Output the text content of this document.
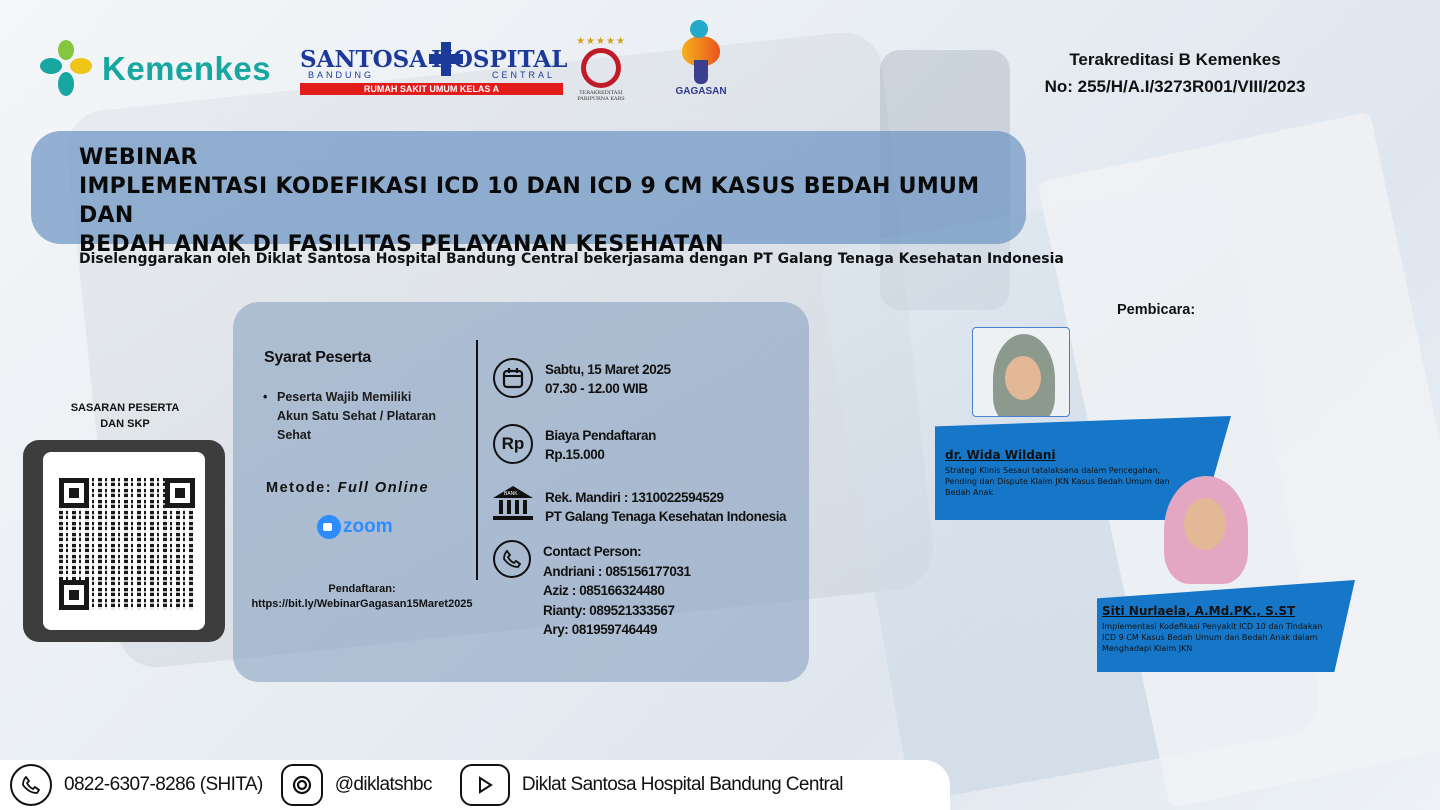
Kemenkes SANTOSA HOSPITAL
BANDUNG	CENTRAL
RUMAH SAKIT UMUM KELAS A
★★★★★
TERAKREDITASI PARIPURNA KARS
GAGASAN
Terakreditasi B Kemenkes
No: 255/H/A.I/3273R001/VIII/2023
WEBINAR
IMPLEMENTASI KODEFIKASI ICD 10 DAN ICD 9 CM KASUS BEDAH UMUM DAN
BEDAH ANAK DI FASILITAS PELAYANAN KESEHATAN
Diselenggarakan oleh Diklat Santosa Hospital Bandung Central bekerjasama dengan PT Galang Tenaga Kesehatan Indonesia
SASARAN PESERTA
DAN SKP
Syarat Peserta
• Peserta Wajib Memiliki Akun Satu Sehat / Plataran Sehat
Metode: Full Online
zoom
Pendaftaran:
https://bit.ly/WebinarGagasan15Maret2025
Sabtu, 15 Maret 2025
07.30 - 12.00 WIB
Rp	Biaya Pendaftaran
Rp.15.000
BANK Rek. Mandiri : 1310022594529
PT Galang Tenaga Kesehatan Indonesia
Contact Person:
Andriani : 085156177031
Aziz : 085166324480
Rianty: 089521333567
Ary: 081959746449
Pembicara:
dr. Wida Wildani
Strategi Klinis Sesaui tatalaksana dalam Pencegahan, Pending dan Dispute Klaim JKN Kasus Bedah Umum dan Bedah Anak
Siti Nurlaela, A.Md.PK., S.ST
Implementasi Kodefikasi Penyakit ICD 10 dan Tindakan ICD 9 CM Kasus Bedah Umum dan Bedah Anak dalam Menghadapi Klaim JKN
0822-6307-8286 (SHITA)	@diklatshbc	Diklat Santosa Hospital Bandung Central
